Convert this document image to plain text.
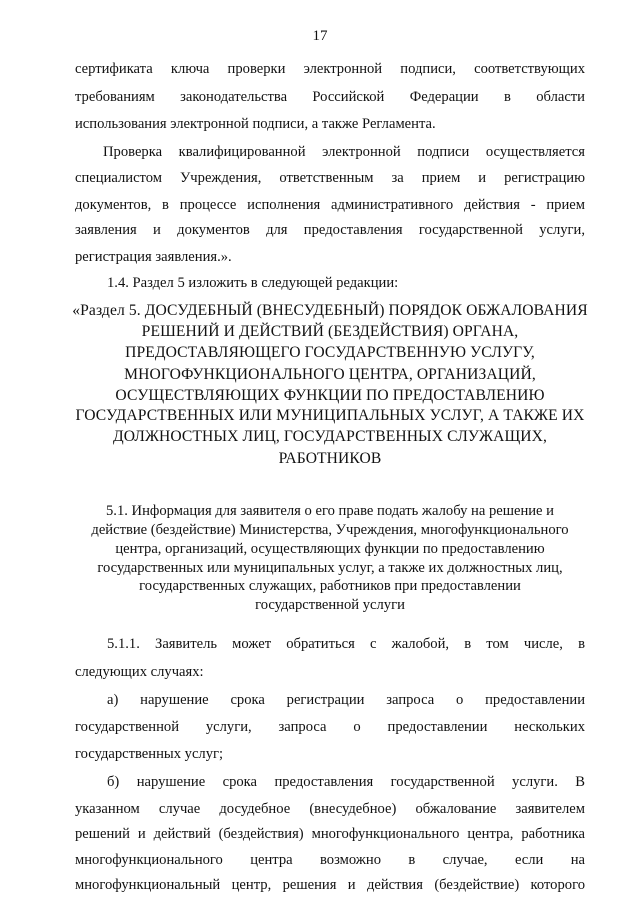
17
сертификата ключа проверки электронной подписи, соответствующих
требованиям законодательства Российской Федерации в области
использования электронной подписи, а также Регламента.
Проверка квалифицированной электронной подписи осуществляется
специалистом Учреждения, ответственным за прием и регистрацию
документов, в процессе исполнения административного действия - прием
заявления и документов для предоставления государственной услуги,
регистрация заявления.».
1.4. Раздел 5 изложить в следующей редакции:
«Раздел 5. ДОСУДЕБНЫЙ (ВНЕСУДЕБНЫЙ) ПОРЯДОК ОБЖАЛОВАНИЯ
РЕШЕНИЙ И ДЕЙСТВИЙ (БЕЗДЕЙСТВИЯ) ОРГАНА,
ПРЕДОСТАВЛЯЮЩЕГО ГОСУДАРСТВЕННУЮ УСЛУГУ,
МНОГОФУНКЦИОНАЛЬНОГО ЦЕНТРА, ОРГАНИЗАЦИЙ,
ОСУЩЕСТВЛЯЮЩИХ ФУНКЦИИ ПО ПРЕДОСТАВЛЕНИЮ
ГОСУДАРСТВЕННЫХ ИЛИ МУНИЦИПАЛЬНЫХ УСЛУГ, А ТАКЖЕ ИХ
ДОЛЖНОСТНЫХ ЛИЦ, ГОСУДАРСТВЕННЫХ СЛУЖАЩИХ,
РАБОТНИКОВ
5.1. Информация для заявителя о его праве подать жалобу на решение и
действие (бездействие) Министерства, Учреждения, многофункционального
центра, организаций, осуществляющих функции по предоставлению
государственных или муниципальных услуг, а также их должностных лиц,
государственных служащих, работников при предоставлении
государственной услуги
5.1.1. Заявитель может обратиться с жалобой, в том числе, в
следующих случаях:
а) нарушение срока регистрации запроса о предоставлении
государственной услуги, запроса о предоставлении нескольких
государственных услуг;
б) нарушение срока предоставления государственной услуги. В
указанном случае досудебное (внесудебное) обжалование заявителем
решений и действий (бездействия) многофункционального центра, работника
многофункционального центра возможно в случае, если на
многофункциональный центр, решения и действия (бездействие) которого
